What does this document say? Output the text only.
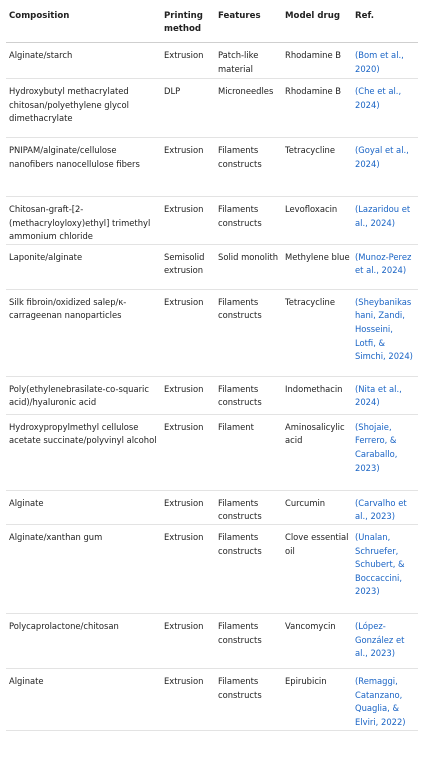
Composition	Printing method	Features	Model drug	Ref.
Alginate/starch	Extrusion	Patch-like material	Rhodamine B	(Bom et al., 2020)
Hydroxybutyl methacrylated chitosan/polyethylene glycol dimethacrylate	DLP	Microneedles	Rhodamine B	(Che et al., 2024)
PNIPAM/alginate/cellulose nanofibers nanocellulose fibers	Extrusion	Filaments constructs	Tetracycline	(Goyal et al., 2024)
Chitosan-graft-[2-(methacryloyloxy)ethyl] trimethyl ammonium chloride	Extrusion	Filaments constructs	Levofloxacin	(Lazaridou et al., 2024)
Laponite/alginate	Semisolid extrusion	Solid monolith	Methylene blue	(Munoz-Perez et al., 2024)
Silk fibroin/oxidized salep/κ-carrageenan nanoparticles	Extrusion	Filaments constructs	Tetracycline	(Sheybanikashani, Zandi, Hosseini, Lotfi, & Simchi, 2024)
Poly(ethylenebrasilate-co-squaric acid)/hyaluronic acid	Extrusion	Filaments constructs	Indomethacin	(Nita et al., 2024)
Hydroxypropylmethyl cellulose acetate succinate/polyvinyl alcohol	Extrusion	Filament	Aminosalicylic acid	(Shojaie, Ferrero, & Caraballo, 2023)
Alginate	Extrusion	Filaments constructs	Curcumin	(Carvalho et al., 2023)
Alginate/xanthan gum	Extrusion	Filaments constructs	Clove essential oil	(Unalan, Schruefer, Schubert, & Boccaccini, 2023)
Polycaprolactone/chitosan	Extrusion	Filaments constructs	Vancomycin	(López-González et al., 2023)
Alginate	Extrusion	Filaments constructs	Epirubicin	(Remaggi, Catanzano, Quaglia, & Elviri, 2022)
